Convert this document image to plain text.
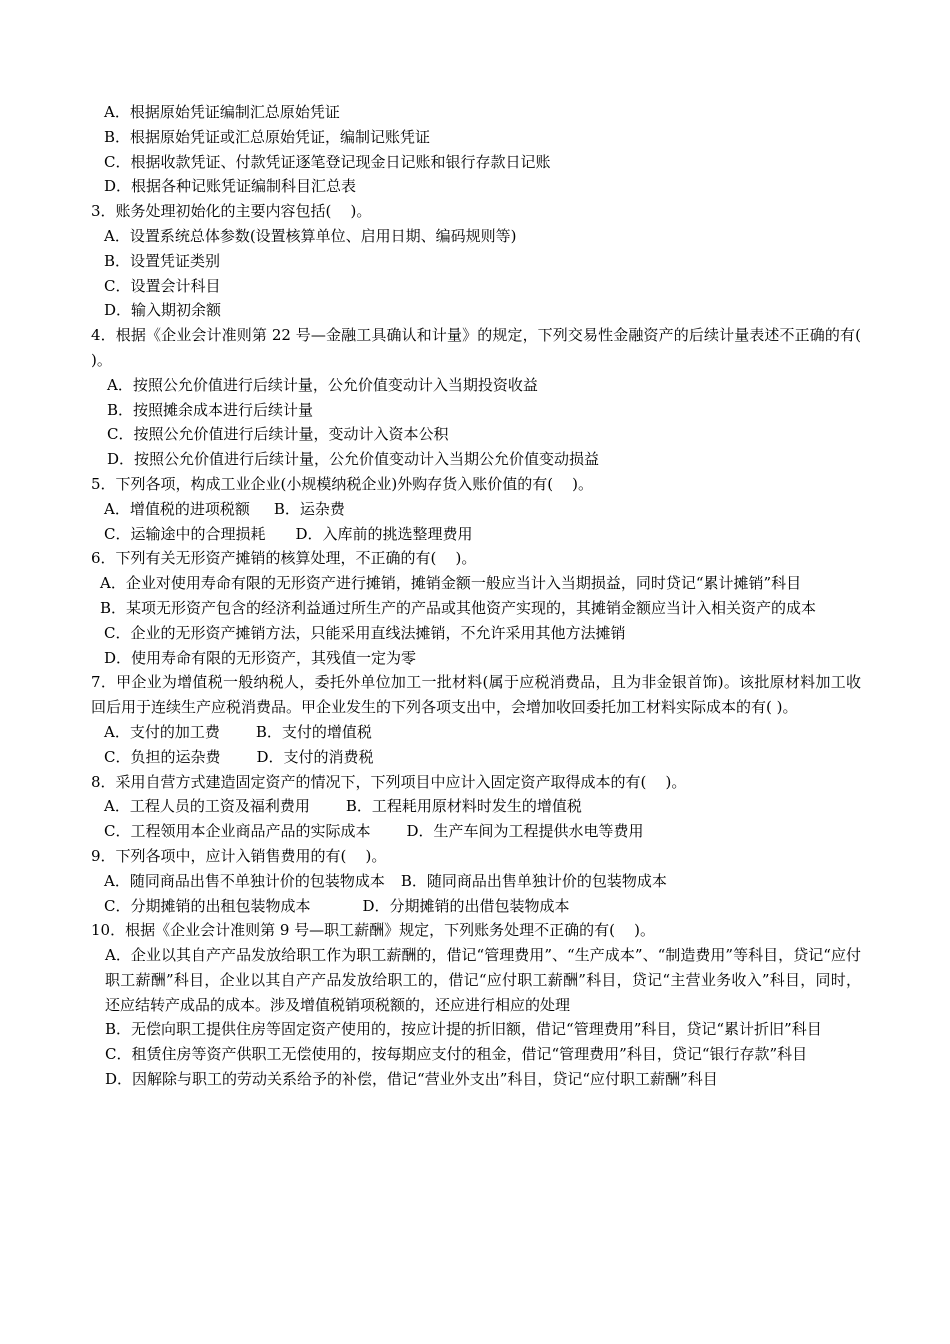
A．根据原始凭证编制汇总原始凭证
B．根据原始凭证或汇总原始凭证，编制记账凭证
C．根据收款凭证、付款凭证逐笔登记现金日记账和银行存款日记账
D．根据各种记账凭证编制科目汇总表
3．账务处理初始化的主要内容包括(    )。
A．设置系统总体参数(设置核算单位、启用日期、编码规则等)
B．设置凭证类别
C．设置会计科目
D．输入期初余额
4．根据《企业会计准则第 22 号—金融工具确认和计量》的规定，下列交易性金融资产的后续计量表述不正确的有( )。
A．按照公允价值进行后续计量，公允价值变动计入当期投资收益
B．按照摊余成本进行后续计量
C．按照公允价值进行后续计量，变动计入资本公积
D．按照公允价值进行后续计量，公允价值变动计入当期公允价值变动损益
5．下列各项，构成工业企业(小规模纳税企业)外购存货入账价值的有(    )。
A．增值税的进项税额 B．运杂费
C．运输途中的合理损耗 D．入库前的挑选整理费用
6．下列有关无形资产摊销的核算处理，不正确的有(    )。
A．企业对使用寿命有限的无形资产进行摊销，摊销金额一般应当计入当期损益，同时贷记“累计摊销”科目
B．某项无形资产包含的经济利益通过所生产的产品或其他资产实现的，其摊销金额应当计入相关资产的成本
C．企业的无形资产摊销方法，只能采用直线法摊销，不允许采用其他方法摊销
D．使用寿命有限的无形资产，其残值一定为零
7．甲企业为增值税一般纳税人，委托外单位加工一批材料(属于应税消费品，且为非金银首饰)。该批原材料加工收回后用于连续生产应税消费品。甲企业发生的下列各项支出中，会增加收回委托加工材料实际成本的有( )。
A．支付的加工费 B．支付的增值税
C．负担的运杂费 D．支付的消费税
8．采用自营方式建造固定资产的情况下，下列项目中应计入固定资产取得成本的有(    )。
A．工程人员的工资及福利费用 B．工程耗用原材料时发生的增值税
C．工程领用本企业商品产品的实际成本 D．生产车间为工程提供水电等费用
9．下列各项中，应计入销售费用的有(    )。
A．随同商品出售不单独计价的包装物成本 B．随同商品出售单独计价的包装物成本
C．分期摊销的出租包装物成本	D．分期摊销的出借包装物成本
10．根据《企业会计准则第 9 号—职工薪酬》规定，下列账务处理不正确的有(    )。
A．企业以其自产产品发放给职工作为职工薪酬的，借记“管理费用”、“生产成本”、“制造费用”等科目，贷记“应付职工薪酬”科目，企业以其自产产品发放给职工的，借记“应付职工薪酬”科目，贷记“主营业务收入”科目，同时，还应结转产成品的成本。涉及增值税销项税额的，还应进行相应的处理
B．无偿向职工提供住房等固定资产使用的，按应计提的折旧额，借记“管理费用”科目，贷记“累计折旧”科目
C．租赁住房等资产供职工无偿使用的，按每期应支付的租金，借记“管理费用”科目，贷记“银行存款”科目
D．因解除与职工的劳动关系给予的补偿，借记“营业外支出”科目，贷记“应付职工薪酬”科目
